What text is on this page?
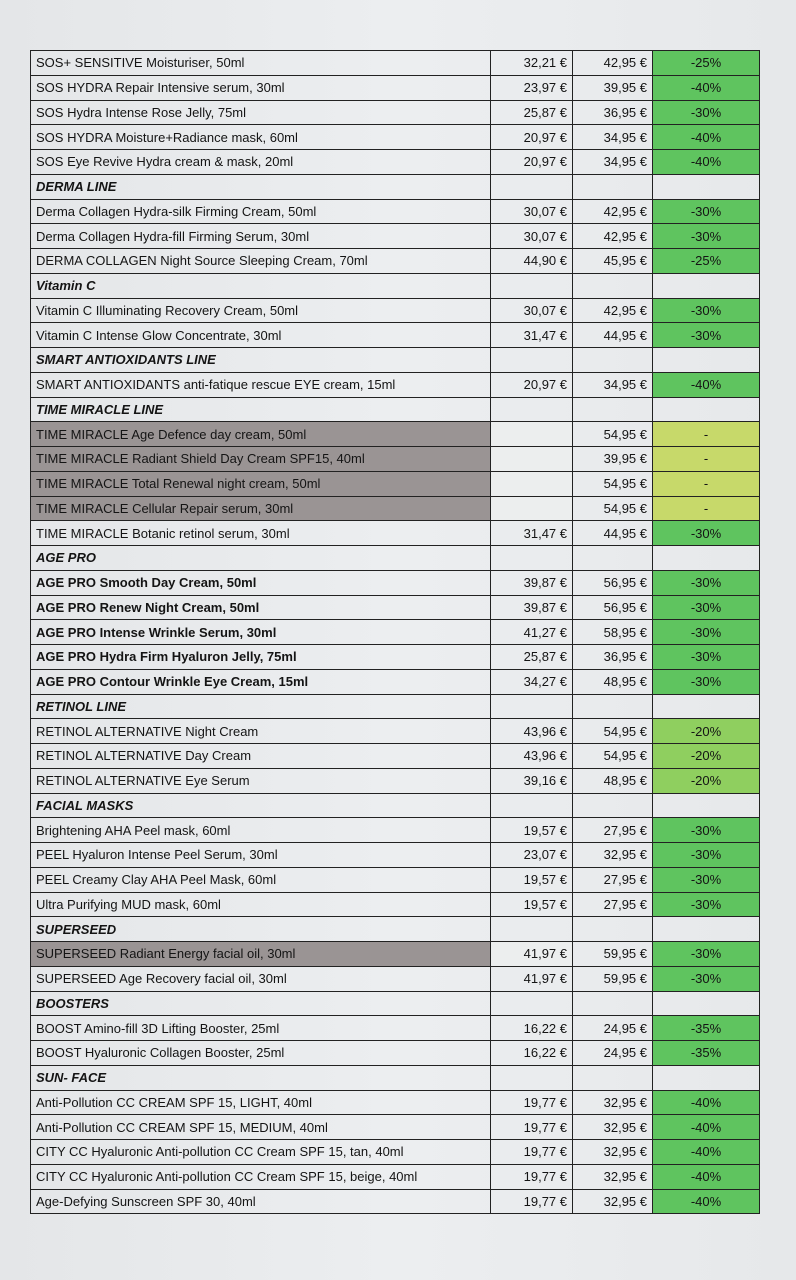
SOS+ SENSITIVE Moisturiser, 50ml	32,21 €	42,95 €	-25%
SOS HYDRA Repair Intensive serum, 30ml	23,97 €	39,95 €	-40%
SOS Hydra Intense Rose Jelly, 75ml	25,87 €	36,95 €	-30%
SOS HYDRA Moisture+Radiance mask, 60ml	20,97 €	34,95 €	-40%
SOS Eye Revive Hydra cream & mask, 20ml	20,97 €	34,95 €	-40%
DERMA LINE			
Derma Collagen Hydra-silk Firming Cream, 50ml	30,07 €	42,95 €	-30%
Derma Collagen Hydra-fill Firming Serum, 30ml	30,07 €	42,95 €	-30%
DERMA COLLAGEN Night Source Sleeping Cream, 70ml	44,90 €	45,95 €	-25%
Vitamin C			
Vitamin C Illuminating Recovery Cream, 50ml	30,07 €	42,95 €	-30%
Vitamin C Intense Glow Concentrate, 30ml	31,47 €	44,95 €	-30%
SMART ANTIOXIDANTS LINE			
SMART ANTIOXIDANTS anti-fatique rescue EYE cream, 15ml	20,97 €	34,95 €	-40%
TIME MIRACLE LINE			
TIME MIRACLE Age Defence day cream, 50ml		54,95 €	-
TIME MIRACLE Radiant Shield Day Cream SPF15, 40ml		39,95 €	-
TIME MIRACLE Total Renewal night cream, 50ml		54,95 €	-
TIME MIRACLE Cellular Repair serum, 30ml		54,95 €	-
TIME MIRACLE Botanic retinol serum, 30ml	31,47 €	44,95 €	-30%
AGE PRO			
AGE PRO Smooth Day Cream, 50ml	39,87 €	56,95 €	-30%
AGE PRO Renew Night Cream, 50ml	39,87 €	56,95 €	-30%
AGE PRO Intense Wrinkle Serum, 30ml	41,27 €	58,95 €	-30%
AGE PRO Hydra Firm Hyaluron Jelly, 75ml	25,87 €	36,95 €	-30%
AGE PRO Contour Wrinkle Eye Cream, 15ml	34,27 €	48,95 €	-30%
RETINOL LINE			
RETINOL ALTERNATIVE Night Cream	43,96 €	54,95 €	-20%
RETINOL ALTERNATIVE Day Cream	43,96 €	54,95 €	-20%
RETINOL ALTERNATIVE Eye Serum	39,16 €	48,95 €	-20%
FACIAL MASKS			
Brightening AHA Peel mask, 60ml	19,57 €	27,95 €	-30%
PEEL Hyaluron Intense Peel Serum, 30ml	23,07 €	32,95 €	-30%
PEEL Creamy Clay AHA Peel Mask, 60ml	19,57 €	27,95 €	-30%
Ultra Purifying MUD mask, 60ml	19,57 €	27,95 €	-30%
SUPERSEED			
SUPERSEED Radiant Energy facial oil, 30ml	41,97 €	59,95 €	-30%
SUPERSEED Age Recovery facial oil, 30ml	41,97 €	59,95 €	-30%
BOOSTERS			
BOOST Amino-fill 3D Lifting Booster, 25ml	16,22 €	24,95 €	-35%
BOOST Hyaluronic Collagen Booster, 25ml	16,22 €	24,95 €	-35%
SUN- FACE			
Anti-Pollution CC CREAM SPF 15, LIGHT, 40ml	19,77 €	32,95 €	-40%
Anti-Pollution CC CREAM SPF 15, MEDIUM, 40ml	19,77 €	32,95 €	-40%
CITY CC Hyaluronic Anti-pollution CC Cream SPF 15, tan, 40ml	19,77 €	32,95 €	-40%
CITY CC Hyaluronic Anti-pollution CC Cream SPF 15, beige, 40ml	19,77 €	32,95 €	-40%
Age-Defying Sunscreen SPF 30, 40ml	19,77 €	32,95 €	-40%
